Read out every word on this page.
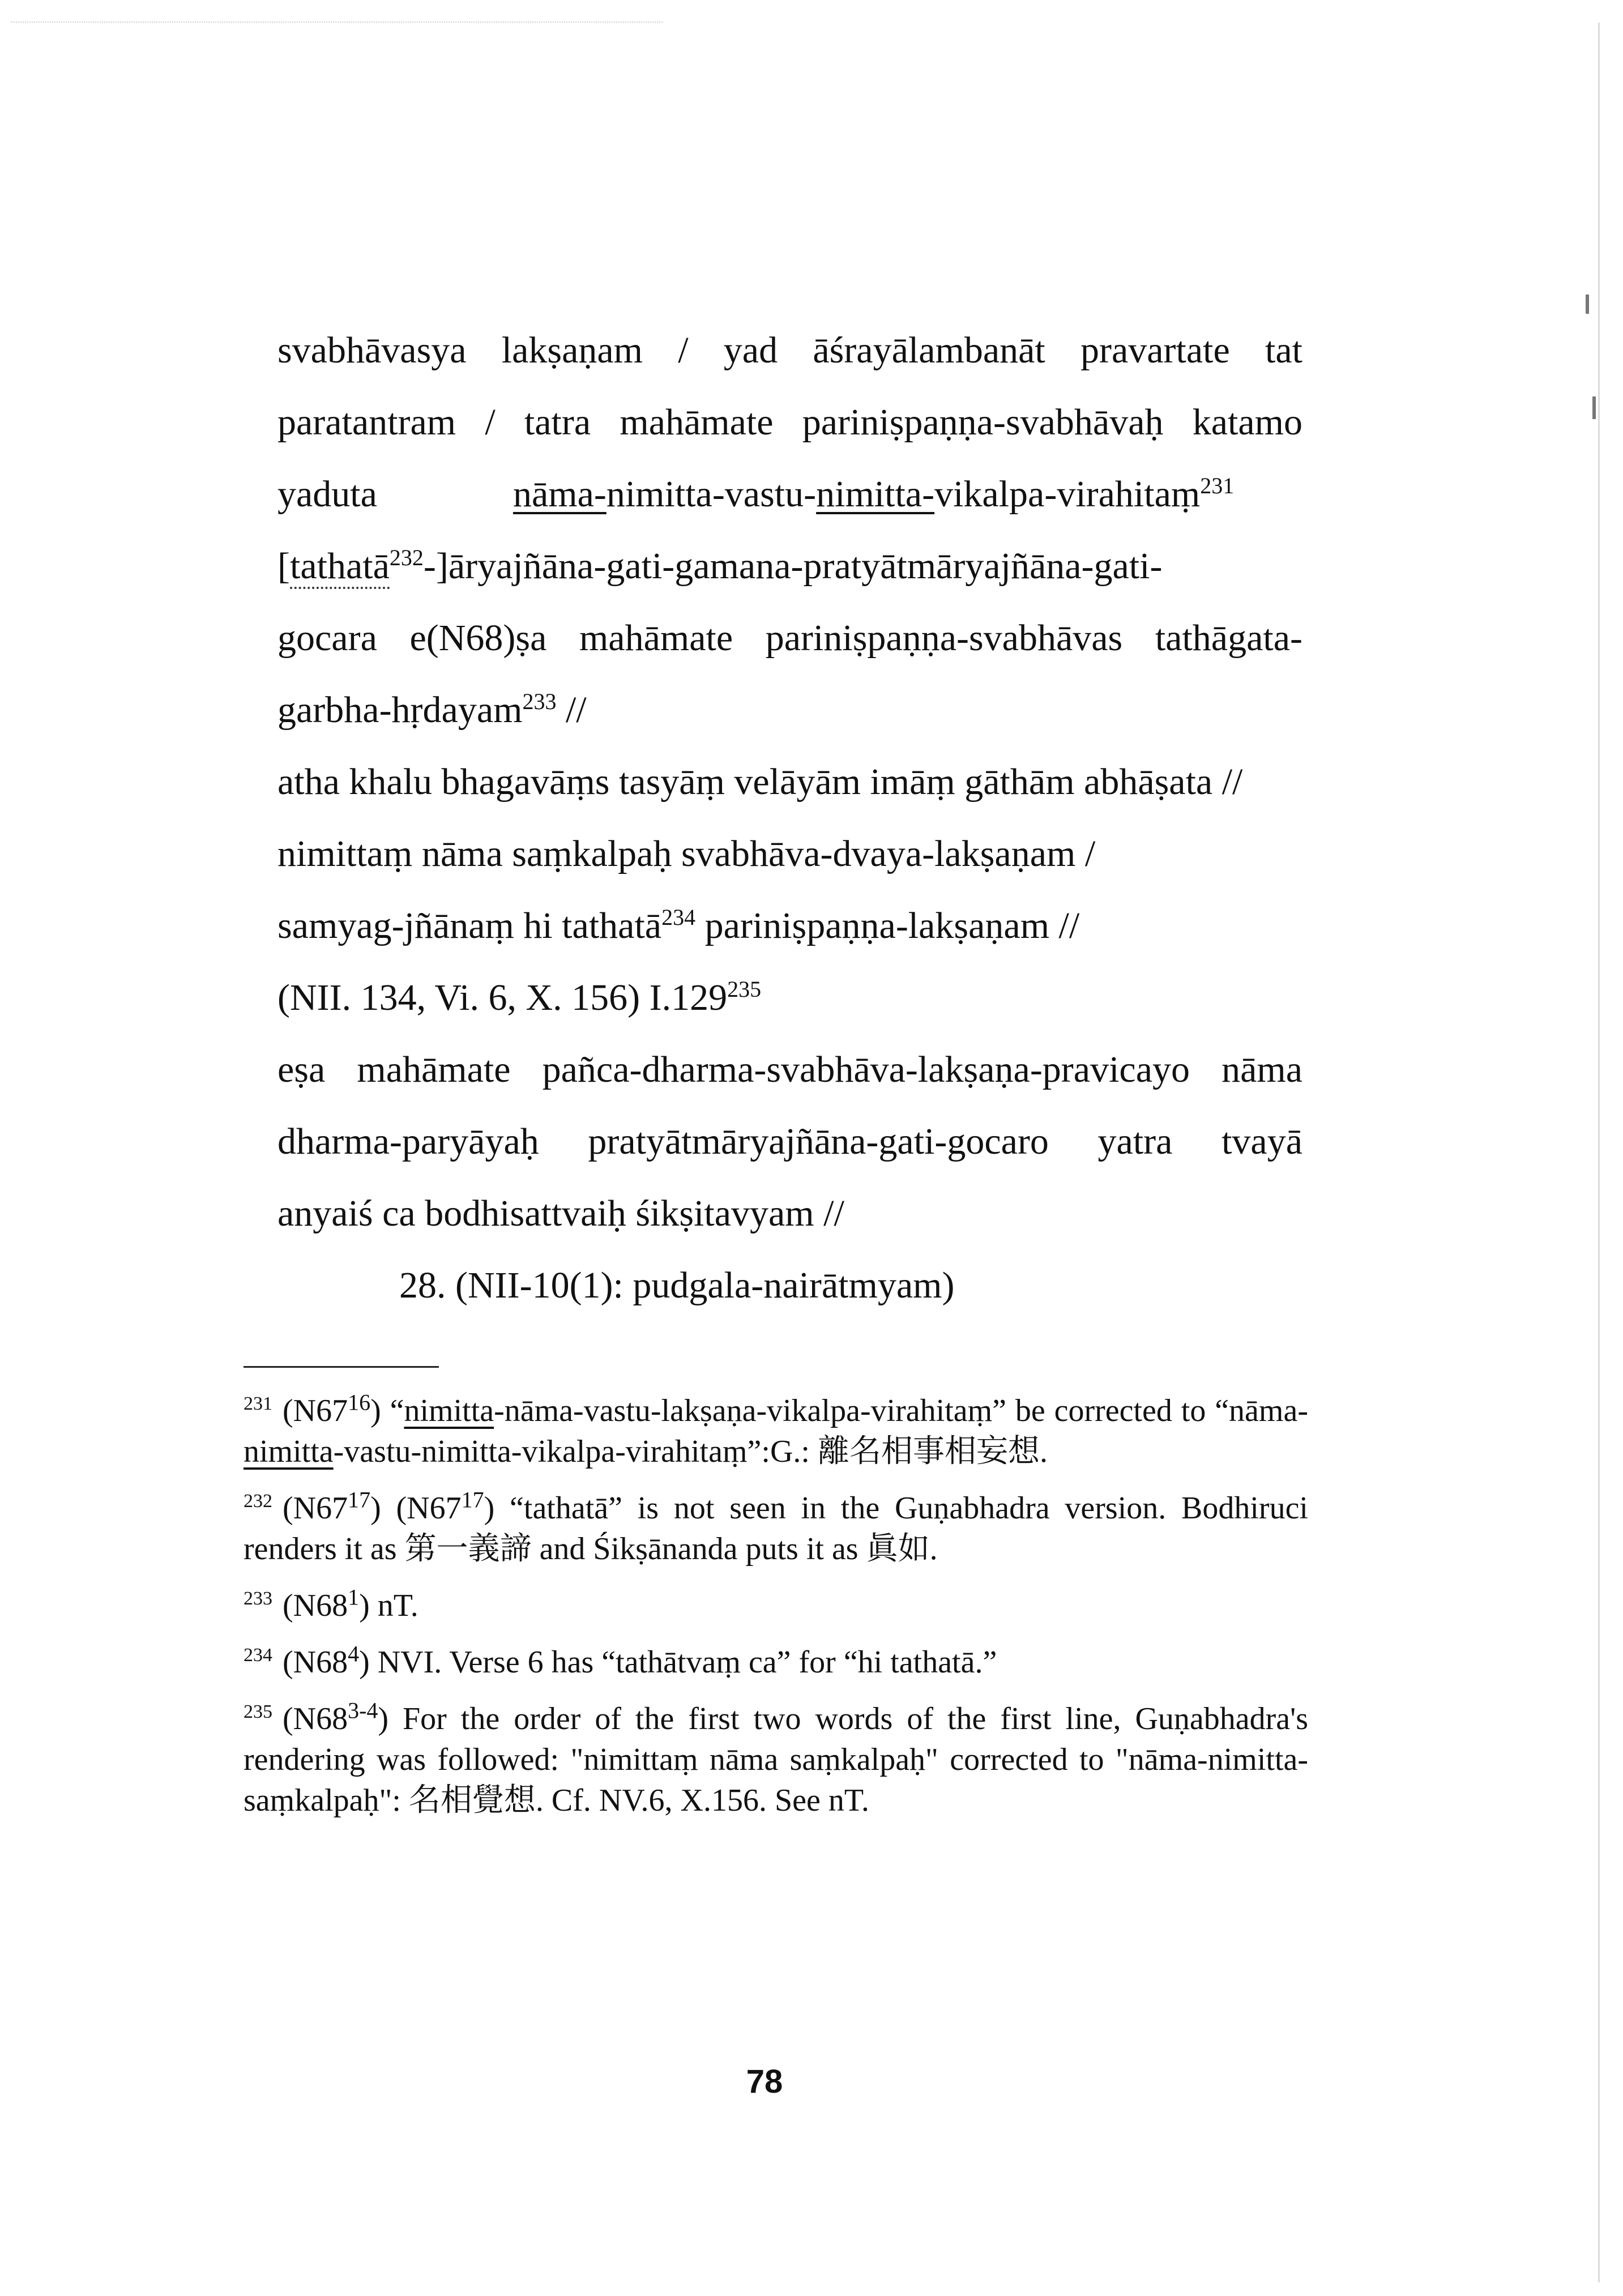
svabhāvasya lakṣaṇam / yad āśrayālambanāt pravartate tat
paratantram / tatra mahāmate pariniṣpaṇṇa-svabhāvaḥ katamo
yaduta	nāma-nimitta-vastu-nimitta-vikalpa-virahitaṃ$^{231}$
[tathatā$^{232}$-]āryajñāna-gati-gamana-pratyātmāryajñāna-gati-
gocara e(N68)ṣa mahāmate pariniṣpaṇṇa-svabhāvas tathāgata-
garbha-hṛdayam$^{233}$ //
atha khalu bhagavāṃs tasyāṃ velāyām imāṃ gāthām abhāṣata //
nimittaṃ nāma saṃkalpaḥ svabhāva-dvaya-lakṣaṇam /
samyag-jñānaṃ hi tathatā$^{234}$ pariniṣpaṇṇa-lakṣaṇam //
(NII. 134, Vi. 6, X. 156) I.129$^{235}$
eṣa mahāmate pañca-dharma-svabhāva-lakṣaṇa-pravicayo nāma
dharma-paryāyaḥ pratyātmāryajñāna-gati-gocaro yatra tvayā
anyaiś ca bodhisattvaiḥ śikṣitavyam //
28. (NII-10(1): pudgala-nairātmyam)
$^{231}$ $(N67^{16})$ “nimitta-nāma-vastu-lakṣaṇa-vikalpa-virahitaṃ” be corrected to “nāma-nimitta-vastu-nimitta-vikalpa-virahitaṃ”:G.: 離名相事相妄想.
$^{232}$ $(N67^{17})$ $(N67^{17})$ “tathatā” is not seen in the Guṇabhadra version. Bodhiruci renders it as 第一義諦 and Śikṣānanda puts it as 眞如.
$^{233}$ $(N68^1)$ nT.
$^{234}$ $(N68^4)$ NVI. Verse 6 has “tathātvaṃ ca” for “hi tathatā.”
$^{235}$ (N68$^{3-4}$) For the order of the first two words of the first line, Guṇabhadra's rendering was followed: "nimittaṃ nāma saṃkalpaḥ" corrected to "nāma-nimitta-saṃkalpaḥ": 名相覺想. Cf. NV.6, X.156. See nT.
78
